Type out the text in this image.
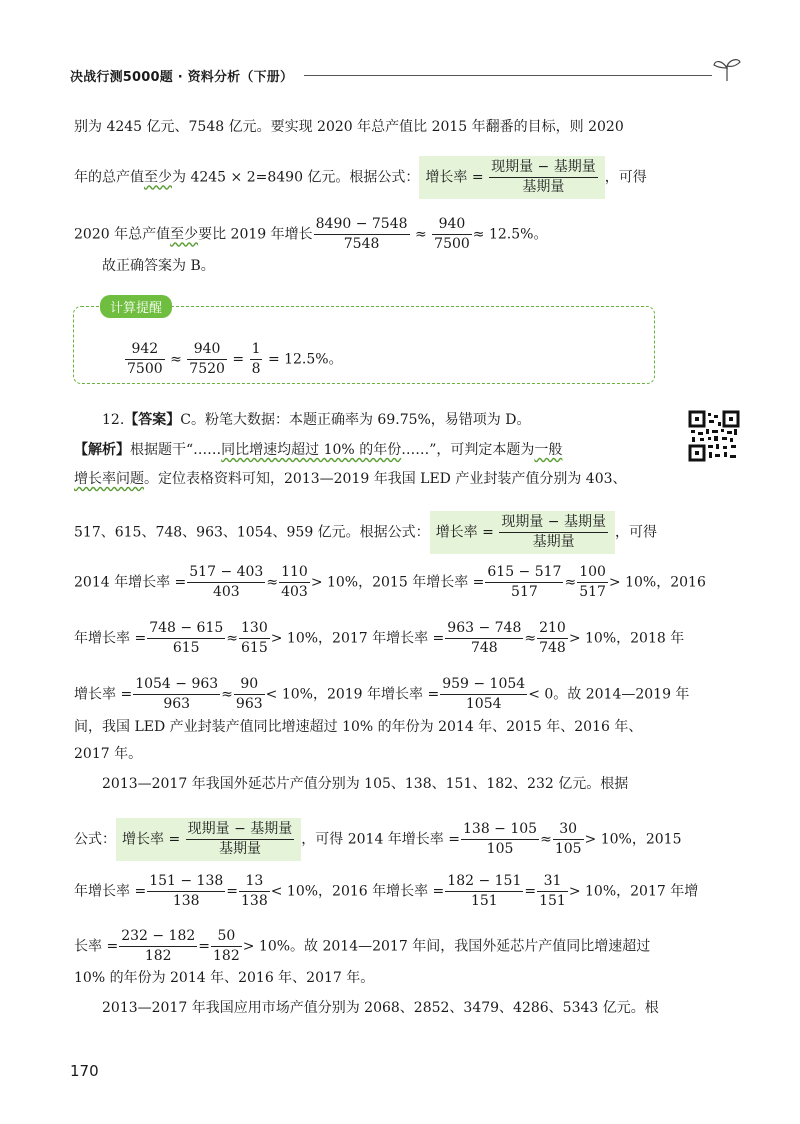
决战行测5000题 · 资料分析（下册）
别为 4245 亿元、7548 亿元。要实现 2020 年总产值比 2015 年翻番的目标，则 2020
年的总产值至少为 4245 × 2=8490 亿元。根据公式： 增长率 = $\frac{\text{现期量 − 基期量}}{\text{基期量}}$ ，可得
2020 年总产值至少要比 2019 年增长 $\frac{8490 - 7548}{7548} \approx \frac{940}{7500} \approx 12.5\%$。
故正确答案为 B。
计算提醒
$\frac{942}{7500} \approx \frac{940}{7520} = \frac{1}{8} = 12.5\%$。
12.【答案】C。粉笔大数据：本题正确率为 69.75%，易错项为 D。
【解析】根据题干“……同比增速均超过 10% 的年份……”，可判定本题为一般
增长率问题。定位表格资料可知，2013—2019 年我国 LED 产业封装产值分别为 403、
517、615、748、963、1054、959 亿元。根据公式： 增长率 = $\frac{\text{现期量 − 基期量}}{\text{基期量}}$ ，可得
2014 年增长率 = $\frac{517 - 403}{403} \approx \frac{110}{403} > 10\%$，2015 年增长率 = $\frac{615 - 517}{517} \approx \frac{100}{517} > 10\%$，2016
年增长率 = $\frac{748 - 615}{615} \approx \frac{130}{615} > 10\%$，2017 年增长率 = $\frac{963 - 748}{748} \approx \frac{210}{748} > 10\%$，2018 年
增长率 = $\frac{1054 - 963}{963} \approx \frac{90}{963} < 10\%$，2019 年增长率 = $\frac{959 - 1054}{1054} < 0$。故 2014—2019 年
间，我国 LED 产业封装产值同比增速超过 10% 的年份为 2014 年、2015 年、2016 年、
2017 年。
2013—2017 年我国外延芯片产值分别为 105、138、151、182、232 亿元。根据
公式： 增长率 = $\frac{\text{现期量 − 基期量}}{\text{基期量}}$ ，可得 2014 年增长率 = $\frac{138 - 105}{105} \approx \frac{30}{105} > 10\%$，2015
年增长率 = $\frac{151 - 138}{138} = \frac{13}{138} < 10\%$，2016 年增长率 = $\frac{182 - 151}{151} = \frac{31}{151} > 10\%$，2017 年增
长率 = $\frac{232 - 182}{182} = \frac{50}{182} > 10\%$。故 2014—2017 年间，我国外延芯片产值同比增速超过
10% 的年份为 2014 年、2016 年、2017 年。
2013—2017 年我国应用市场产值分别为 2068、2852、3479、4286、5343 亿元。根
170
